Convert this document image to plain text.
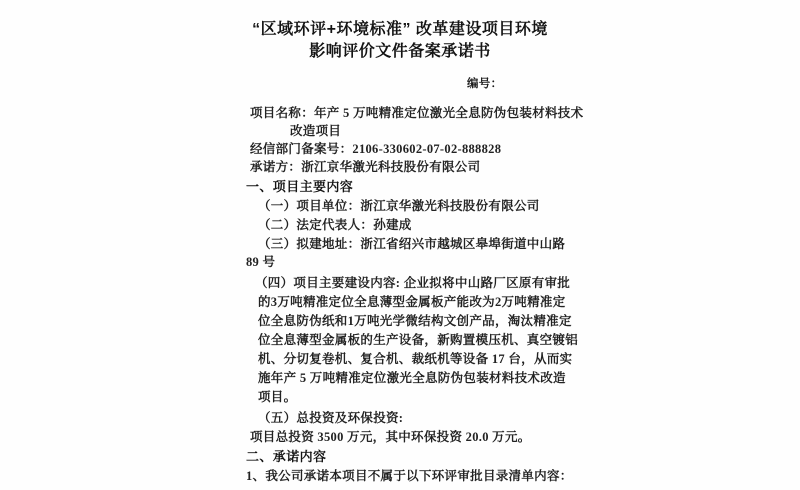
“区域环评+环境标准” 改革建设项目环境
影响评价文件备案承诺书
编号：
项目名称：年产 5 万吨精准定位激光全息防伪包装材料技术
改造项目
经信部门备案号：2106-330602-07-02-888828
承诺方：浙江京华激光科技股份有限公司
一、项目主要内容
（一）项目单位：浙江京华激光科技股份有限公司
（二）法定代表人：孙建成
（三）拟建地址：浙江省绍兴市越城区皋埠街道中山路
89 号
（四）项目主要建设内容: 企业拟将中山路厂区原有审批
的3万吨精准定位全息薄型金属板产能改为2万吨精准定
位全息防伪纸和1万吨光学微结构文创产品，淘汰精准定
位全息薄型金属板的生产设备，新购置模压机、真空镀铝
机、分切复卷机、复合机、裁纸机等设备 17 台，从而实
施年产 5 万吨精准定位激光全息防伪包装材料技术改造
项目。
（五）总投资及环保投资:
项目总投资 3500 万元，其中环保投资 20.0 万元。
二、承诺内容
1、我公司承诺本项目不属于以下环评审批目录清单内容：
